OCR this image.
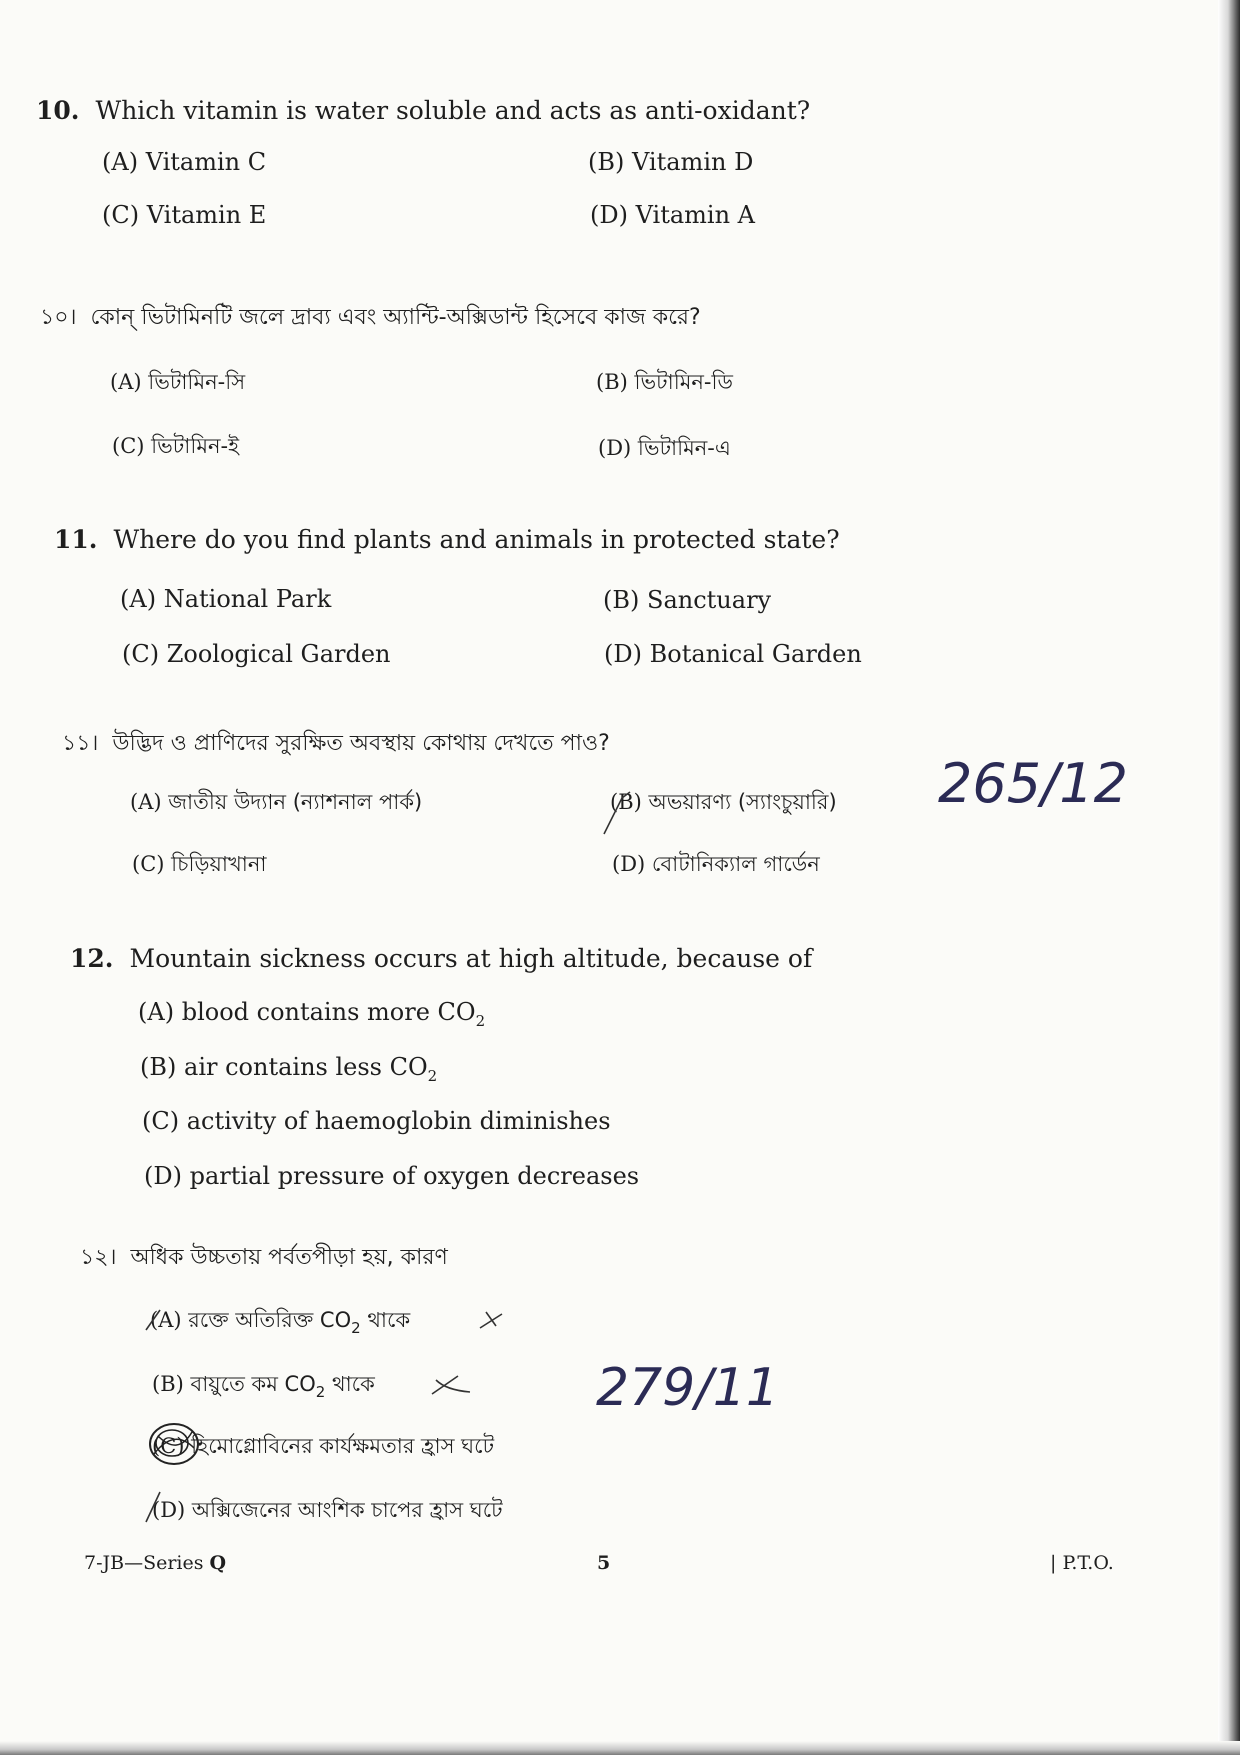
10. Which vitamin is water soluble and acts as anti-oxidant?
(A) Vitamin C	(B) Vitamin D
(C) Vitamin E	(D) Vitamin A
১০। কোন্ ভিটামিনটি জলে দ্রাব্য এবং অ্যান্টি-অক্সিডান্ট হিসেবে কাজ করে?
(A) ভিটামিন-সি	(B) ভিটামিন-ডি
(C) ভিটামিন-ই	(D) ভিটামিন-এ
11. Where do you find plants and animals in protected state?
(A) National Park	(B) Sanctuary
(C) Zoological Garden	(D) Botanical Garden
১১। উদ্ভিদ ও প্রাণিদের সুরক্ষিত অবস্থায় কোথায় দেখতে পাও?
(A) জাতীয় উদ্যান (ন্যাশনাল পার্ক)	(B) অভয়ারণ্য (স্যাংচুয়ারি)
(C) চিড়িয়াখানা	(D) বোটানিক্যাল গার্ডেন
265/12
12. Mountain sickness occurs at high altitude, because of
(A) blood contains more $CO_2$
(B) air contains less $CO_2$
(C) activity of haemoglobin diminishes
(D) partial pressure of oxygen decreases
১২। অধিক উচ্চতায় পর্বতপীড়া হয়, কারণ
(A) রক্তে অতিরিক্ত $CO_2$ থাকে
(B) বায়ুতে কম $CO_2$ থাকে
(C) হিমোগ্লোবিনের কার্যক্ষমতার হ্রাস ঘটে
(D) অক্সিজেনের আংশিক চাপের হ্রাস ঘটে
279/11
7-JB—Series Q	5	| P.T.O.
